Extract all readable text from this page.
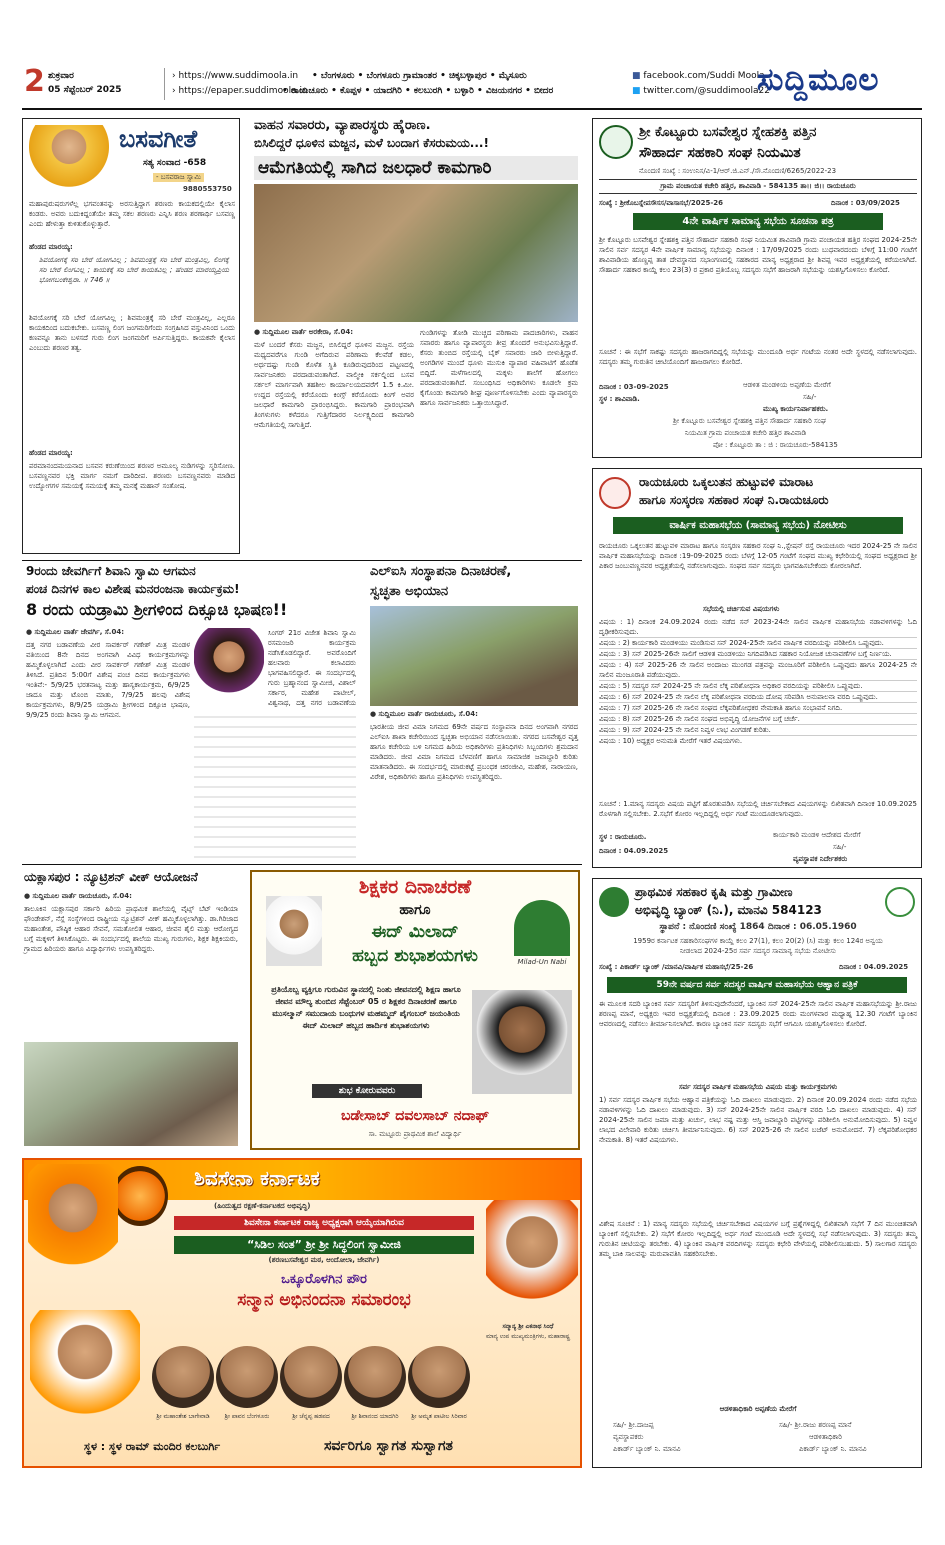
2 ಶುಕ್ರವಾರ
05 ಸೆಪ್ಟೆಂಬರ್ 2025
› https://www.suddimoola.in
› https://epaper.suddimoola.in
• ಬೆಂಗಳೂರು • ಬೆಂಗಳೂರು ಗ್ರಾಮಾಂತರ • ಚಿಕ್ಕಬಳ್ಳಾಪುರ • ಮೈಸೂರು
• ರಾಯಚೂರು • ಕೊಪ್ಪಳ • ಯಾದಗಿರಿ • ಕಲಬುರಗಿ • ಬಳ್ಳಾರಿ • ವಿಜಯನಗರ • ಬೀದರ
■ facebook.com/Suddi Moola
■ twitter.com/@suddimoola22
ಸುದ್ದಿಮೂಲ
ಬಸವಗೀತೆ
ಸತ್ಯ ಸಂವಾದ -658
- ಬಸವರಾಜ ಸ್ವಾಮಿ
9880553750
ಮಹಾಪುರುಷರುಗಳೆಲ್ಲ ಭಗವಂತನನ್ನು ಅರಸುತ್ತಿದ್ದಾಗ ಶರಣರು ಕಾಯಕದಲ್ಲಿಯೇ ಕೈಲಾಸ ಕಂಡರು. ಅವರು ಬದುಕಿದ್ದಂತೆಯೇ ತಮ್ಮ ಸಕಲ ಶರಣರು ಎನ್ನಿಸಿ ಶರಣ ಶರಣಾರ್ಥಿ ಬಸವಣ್ಣ ಎಂದು ಹೇಳುತ್ತಾ ಕುಳಿತುಕೊಳ್ಳುತ್ತಾರೆ.
ಹೆಂಡದ ಮಾರಯ್ಯ:
ಶಿವಯೋಗಕ್ಕೆ ಸರಿ ಬೇರೆ ಯೋಗವಿಲ್ಲ ; ಶಿವಮಂತ್ರಕ್ಕೆ ಸರಿ ಬೇರೆ ಮಂತ್ರವಿಲ್ಲ, ಲಿಂಗಕ್ಕೆ ಸರಿ ಬೇರೆ ಲಿಂಗವಿಲ್ಲ ; ಕಾಯಕಕ್ಕೆ ಸರಿ ಬೇರೆ ಕಾಯಕವಿಲ್ಲ ; ಹೆಂಡದ ಮಾರಯ್ಯಪ್ರಿಯ ಭೋಗಬಂಕೇಶ್ವರಾ. ॥ 746 ॥
ಶಿವಯೋಗಕ್ಕೆ ಸರಿ ಬೇರೆ ಯೋಗವಿಲ್ಲ ; ಶಿವಮಂತ್ರಕ್ಕೆ ಸರಿ ಬೇರೆ ಮಂತ್ರವಿಲ್ಲ, ಎಲ್ಲರೂ ಕಾಯಕದಿಂದ ಬದುಕಬೇಕು. ಬಸವಣ್ಣ ಲಿಂಗ ಜಂಗಮರಿಗೆಂದು ಸಂಗ್ರಹಿಸಿದ ವಸ್ತುವಿನಿಂದ ಒಂದು ಕಣವನ್ನೂ ತಾನು ಬಳಸದೆ ಗುರು ಲಿಂಗ ಜಂಗಮರಿಗೆ ಅರ್ಪಿಸುತ್ತಿದ್ದರು. ಕಾಯಕವೇ ಕೈಲಾಸ ಎಂಬುದು ಶರಣರ ತತ್ವ.
ಹೆಂಡದ ಮಾರಯ್ಯ:
ಪರಮಾನಂದಮಯನಾದ ಬಸವನ ಕರುಣೆಯಿಂದ ಶರಣರ ಅಮೂಲ್ಯ ನುಡಿಗಳನ್ನು ಸ್ಮರಿಸೋಣ. ಬಸವಣ್ಣನವರ ಭಕ್ತಿ ಮಾರ್ಗ ನಮಗೆ ದಾರಿದೀಪ. ಶರಣರು ಬಸವಣ್ಣನವರು ಮಾಡಿದ ಉದ್ಯೋಗಗಳ ಸಮಯಕ್ಕೆ ಸಮಯಕ್ಕೆ ತಮ್ಮ ಮನಕ್ಕೆ ಮಹಾನ್ ಸಂತೋಷ.
ವಾಹನ ಸವಾರರು, ವ್ಯಾಪಾರಸ್ಥರು ಹೈರಾಣ.
ಬಿಸಿಲಿದ್ದರೆ ಧೂಳಿನ ಮಜ್ಜನ, ಮಳೆ ಬಂದಾಗ ಕೆಸರುಮಯ...!
ಆಮೆಗತಿಯಲ್ಲಿ ಸಾಗಿದ ಜಲಧಾರೆ ಕಾಮಗಾರಿ
● ಸುದ್ದಿಮೂಲ ವಾರ್ತೆ ಅರಕೇರಾ, ಸೆ.04:
ಮಳೆ ಬಂದರೆ ಕೆಸರು ಮಜ್ಜನ, ಬಿಸಿಲಿದ್ದರೆ ಧೂಳಿನ ಮಜ್ಜನ. ರಸ್ತೆಯ ಮಧ್ಯದವರೆಗೂ ಗುಂಡಿ ಅಗೆದಿರುವ ಪರಿಣಾಮ ಕೆಲವೆಡೆ ಕಡಲ, ಅರ್ಧದಷ್ಟು ಗುಂಡಿ ಕೊಳೆತ ಸ್ಥಿತಿ ಕೂಡಿರುವುದರಿಂದ ಪಟ್ಟಣದಲ್ಲಿ ಸಾರ್ವಜನಿಕರು ಪರದಾಡುವಂತಾಗಿದೆ. ವಾಲ್ಮೀಕಿ ಸರ್ಕಲ್ನಿಂದ ಬಸವ ಸರ್ಕಲ್ ಮಾರ್ಗವಾಗಿ ತಹಶೀಲ ಕಾರ್ಯಾಲಯದವರೆಗೆ 1.5 ಕಿ.ಮೀ. ಉದ್ದದ ರಸ್ತೆಯಲ್ಲಿ ಕರೆಯೊಂದು ಕಿಂಗ್ಸ್ ಕರೆಯೊಂದು ಕಿಂಗ್ ಅವರ ಜಲಧಾರೆ ಕಾಮಗಾರಿ ಪ್ರಾರಂಭಿಸಿದ್ದರು. ಕಾಮಗಾರಿ ಪ್ರಾರಂಭವಾಗಿ ತಿಂಗಳುಗಳು ಕಳೆದರೂ ಗುತ್ತಿಗೆದಾರರ ನಿರ್ಲಕ್ಷ್ಯದಿಂದ ಕಾಮಗಾರಿ ಆಮೆಗತಿಯಲ್ಲಿ ಸಾಗುತ್ತಿದೆ.
ಗುಂಡಿಗಳನ್ನು ತೋಡಿ ಮುಚ್ಚದ ಪರಿಣಾಮ ಪಾದಚಾರಿಗಳು, ವಾಹನ ಸವಾರರು ಹಾಗೂ ವ್ಯಾಪಾರಸ್ಥರು ತೀವ್ರ ತೊಂದರೆ ಅನುಭವಿಸುತ್ತಿದ್ದಾರೆ. ಕೆಸರು ತುಂಬಿದ ರಸ್ತೆಯಲ್ಲಿ ಬೈಕ್ ಸವಾರರು ಜಾರಿ ಬೀಳುತ್ತಿದ್ದಾರೆ. ಅಂಗಡಿಗಳ ಮುಂದೆ ಧೂಳು ಮುಸುಕಿ ವ್ಯಾಪಾರ ವಹಿವಾಟಿಗೆ ಹೊಡೆತ ಬಿದ್ದಿದೆ. ಮಳೆಗಾಲದಲ್ಲಿ ಮಕ್ಕಳು ಶಾಲೆಗೆ ಹೋಗಲು ಪರದಾಡುವಂತಾಗಿದೆ. ಸಂಬಂಧಿಸಿದ ಅಧಿಕಾರಿಗಳು ಕೂಡಲೇ ಕ್ರಮ ಕೈಗೊಂಡು ಕಾಮಗಾರಿ ಶೀಘ್ರ ಪೂರ್ಣಗೊಳಿಸಬೇಕು ಎಂದು ವ್ಯಾಪಾರಸ್ಥರು ಹಾಗೂ ಸಾರ್ವಜನಿಕರು ಒತ್ತಾಯಿಸಿದ್ದಾರೆ.
ಶ್ರೀ ಕೊಟ್ಟೂರು ಬಸವೇಶ್ವರ ಸ್ನೇಹಶಕ್ತಿ ಪತ್ತಿನ
ಸೌಹಾರ್ದ ಸಹಕಾರಿ ಸಂಘ ನಿಯಮಿತ
ನೊಂದಣಿ ಸಂಖ್ಯೆ : ಸಂಉನಿಸ/ವಿ-1/ಆರ್.ಜಿ.ಎನ್./ಸೌ.ನೊಂದಣಿ/6265/2022-23
ಗ್ರಾಮ ಪಂಚಾಯತ ಕಚೇರಿ ಹತ್ತಿರ, ಶಾವಿವಾಡಿ - 584135 ತಾ।। ಜಿ।। ರಾಯಚೂರು
ಸಂಖ್ಯೆ : ಶ್ರೀಕೊಬಸ್ನೇಪಸೌಸಸ/ವಾಸಾಸಭೆ/2025-26	ದಿನಾಂಕ : 03/09/2025
4ನೇ ವಾರ್ಷಿಕ ಸಾಮಾನ್ಯ ಸಭೆಯ ಸೂಚನಾ ಪತ್ರ
ಶ್ರೀ ಕೊಟ್ಟೂರು ಬಸವೇಶ್ವರ ಸ್ನೇಹಶಕ್ತಿ ಪತ್ತಿನ ಸೌಹಾರ್ದ ಸಹಕಾರಿ ಸಂಘ ನಿಯಮಿತ ಶಾವಿವಾಡಿ ಗ್ರಾಮ ಪಂಚಾಯತ ಹತ್ತಿರ ಸಂಘದ 2024-25ನೇ ಸಾಲಿನ ಸರ್ವ ಸದಸ್ಯರ 4ನೇ ವಾರ್ಷಿಕ ಸಾಮಾನ್ಯ ಸಭೆಯನ್ನು ದಿನಾಂಕ : 17/09/2025 ರಂದು ಬುಧವಾರದಂದು ಬೆಳಿಗ್ಗೆ 11:00 ಗಂಟೆಗೆ ಶಾವಿವಾಡಿಯ ಹೊಣ್ಣಪ್ಪ ತಾತ ದೇವಸ್ಥಾನದ ಸಭಾಂಗಣದಲ್ಲಿ ಸಹಕಾರದ ಮಾನ್ಯ ಅಧ್ಯಕ್ಷರಾದ ಶ್ರೀ ಶಿವಪ್ಪ ಇವರ ಅಧ್ಯಕ್ಷತೆಯಲ್ಲಿ ಕರೆಯಲಾಗಿದೆ. ಸೌಹಾರ್ದ ಸಹಕಾರ ಕಾಯ್ದೆ ಕಲಂ 23(3) ರ ಪ್ರಕಾರ ಪ್ರತಿಯೊಬ್ಬ ಸದಸ್ಯರು ಸಭೆಗೆ ಹಾಜರಾಗಿ ಸಭೆಯನ್ನು ಯಶಸ್ವಿಗೊಳಿಸಲು ಕೋರಿದೆ.
ಸೂಚನೆ : ಈ ಸಭೆಗೆ ಸಾಕಷ್ಟು ಸದಸ್ಯರು ಹಾಜರಾಗದಿದ್ದಲ್ಲಿ ಸಭೆಯನ್ನು ಮುಂದೂಡಿ ಅರ್ಧ ಗಂಟೆಯ ನಂತರ ಅದೇ ಸ್ಥಳದಲ್ಲಿ ನಡೆಸಲಾಗುವುದು. ಸದಸ್ಯರು ತಮ್ಮ ಗುರುತಿನ ಚೀಟಿಯೊಂದಿಗೆ ಹಾಜರಾಗಲು ಕೋರಿದೆ.
ದಿನಾಂಕ : 03-09-2025
ಸ್ಥಳ : ಶಾವಿವಾಡಿ.
ಆಡಳಿತ ಮಂಡಳಿಯ ಅಪ್ಪಣೆಯ ಮೇರೆಗೆ
ಸಹಿ/-
ಮುಖ್ಯ ಕಾರ್ಯನಿರ್ವಾಹಕರು.
ಶ್ರೀ ಕೊಟ್ಟೂರು ಬಸವೇಶ್ವರ ಸ್ನೇಹಶಕ್ತಿ ಪತ್ತಿನ ಸೌಹಾರ್ದ ಸಹಕಾರಿ ಸಂಘ
ನಿಯಮಿತ ಗ್ರಾಮ ಪಂಚಾಯತ ಕಚೇರಿ ಹತ್ತಿರ ಶಾವಿವಾಡಿ
ಪೋ : ಕೊಟ್ಟೂರು ತಾ : ಜಿ : ರಾಯಚೂರು-584135
ರಾಯಚೂರು ಒಕ್ಕಲುತನ ಹುಟ್ಟುವಳಿ ಮಾರಾಟ
ಹಾಗೂ ಸಂಸ್ಕರಣ ಸಹಕಾರ ಸಂಘ ನಿ.ರಾಯಚೂರು
ವಾರ್ಷಿಕ ಮಹಾಸಭೆಯ (ಸಾಮಾನ್ಯ ಸಭೆಯ) ನೋಟೀಸು
ರಾಯಚೂರು ಒಕ್ಕಲುತನ ಹುಟ್ಟುವಳಿ ಮಾರಾಟ ಹಾಗೂ ಸಂಸ್ಕರಣ ಸಹಕಾರ ಸಂಘ ನಿ.,ಸ್ಟೇಷನ್ ರಸ್ತೆ ರಾಯಚೂರು ಇದರ 2024-25 ನೇ ಸಾಲಿನ ವಾರ್ಷಿಕ ಮಹಾಸಭೆಯನ್ನು ದಿನಾಂಕ :19-09-2025 ರಂದು ಬೆಳಗ್ಗೆ 12-05 ಗಂಟೆಗೆ ಸಂಘದ ಮುಖ್ಯ ಕಛೇರಿಯಲ್ಲಿ ಸಂಘದ ಅಧ್ಯಕ್ಷರಾದ ಶ್ರೀ ಪಿಕಾರ ಜಂಬುವಣ್ಣನವರ ಅಧ್ಯಕ್ಷತೆಯಲ್ಲಿ ನಡೆಸಲಾಗುವುದು. ಸಂಘದ ಸರ್ವ ಸದಸ್ಯರು ಭಾಗವಹಿಸಬೇಕೆಂದು ಕೋರಲಾಗಿದೆ.
ಸಭೆಯಲ್ಲಿ ಚರ್ಚಿಸುವ ವಿಷಯಗಳು
ವಿಷಯ : 1) ದಿನಾಂಕ 24.09.2024 ರಂದು ನಡೆದ ಸನ್ 2023-24ನೇ ಸಾಲಿನ ವಾರ್ಷಿಕ ಮಹಾಸಭೆಯ ನಡಾವಳಿಗಳನ್ನು ಓದಿ ದೃಢೀಕರಿಸುವುದು.
ವಿಷಯ : 2) ಕಾರ್ಯಕಾರಿ ಮಂಡಳಿಯು ಮಂಡಿಸುವ ಸನ್ 2024-25ನೇ ಸಾಲಿನ ವಾರ್ಷಿಕ ವರದಿಯನ್ನು ಪರಿಶೀಲಿಸಿ ಒಪ್ಪುವುದು.
ವಿಷಯ : 3) ಸನ್ 2025-26ನೇ ಸಾಲಿಗೆ ಆಡಳಿತ ಮಂಡಳಿಯು ನಿಗದಿಪಡಿಸಿದ ಸಹಕಾರ ನಿಯೋಜಕ ಚುನಾವಣೆಗಳ ಬಗ್ಗೆ ನಿರ್ಣಯ.
ವಿಷಯ : 4) ಸನ್ 2025-26 ನೇ ಸಾಲಿನ ಅಂದಾಜು ಮುಂಗಡ ಪತ್ರವನ್ನು ಮಂಜೂರಿಗೆ ಪರಿಶೀಲಿಸಿ ಒಪ್ಪುವುದು ಹಾಗೂ 2024-25 ನೇ ಸಾಲಿನ ಮಂಜೂರಾತಿ ಪಡೆಯುವುದು.
ವಿಷಯ : 5) ಸದಸ್ಯರ ಸನ್ 2024-25 ನೇ ಸಾಲಿನ ಲೆಕ್ಕ ಪರಿಶೋಧನಾ ಅಧಿಕಾರ ವರದಿಯನ್ನು ಪರಿಶೀಲಿಸಿ ಒಪ್ಪುವುದು.
ವಿಷಯ : 6) ಸನ್ 2024-25 ನೇ ಸಾಲಿನ ಲೆಕ್ಕ ಪರಿಶೋಧನಾ ವರದಿಯ ದೋಷ ಸರಿಪಡಿಸಿ ಅನುಪಾಲನಾ ವರದಿ ಒಪ್ಪುವುದು.
ವಿಷಯ : 7) ಸನ್ 2025-26 ನೇ ಸಾಲಿನ ಸಂಘದ ಲೆಕ್ಕಪರಿಶೋಧಕರ ನೇಮಕಾತಿ ಹಾಗೂ ಸಂಭಾವನೆ ನಿಗದಿ.
ವಿಷಯ : 8) ಸನ್ 2025-26 ನೇ ಸಾಲಿನ ಸಂಘದ ಅಭಿವೃದ್ಧಿ ಯೋಜನೆಗಳ ಬಗ್ಗೆ ಚರ್ಚೆ.
ವಿಷಯ : 9) ಸನ್ 2024-25 ನೇ ಸಾಲಿನ ನಿವ್ವಳ ಲಾಭ ವಿಂಗಡಣೆ ಕುರಿತು.
ವಿಷಯ : 10) ಅಧ್ಯಕ್ಷರ ಅನುಮತಿ ಮೇರೆಗೆ ಇತರೆ ವಿಷಯಗಳು.
ಸೂಚನೆ : 1.ಮಾನ್ಯ ಸದಸ್ಯರು ವಿಷಯ ಪಟ್ಟಿಗೆ ಹೊರತುಪಡಿಸಿ ಸಭೆಯಲ್ಲಿ ಚರ್ಚಿಸಬೇಕಾದ ವಿಷಯಗಳನ್ನು ಲಿಖಿತವಾಗಿ ದಿನಾಂಕ 10.09.2025 ರೊಳಗಾಗಿ ಸಲ್ಲಿಸಬೇಕು. 2.ಸಭೆಗೆ ಕೋರಂ ಇಲ್ಲದಿದ್ದಲ್ಲಿ ಅರ್ಧ ಗಂಟೆ ಮುಂದೂಡಲಾಗುವುದು.
ಸ್ಥಳ : ರಾಯಚೂರು.
ದಿನಾಂಕ : 04.09.2025
ಕಾರ್ಯಕಾರಿ ಮಂಡಳಿ ಆದೇಶದ ಮೇರೆಗೆ
ಸಹಿ/-
ವ್ಯವಸ್ಥಾಪಕ ನಿರ್ದೇಶಕರು
9ರಂದು ಜೇವರ್ಗಿಗೆ ಶಿವಾನಿ ಸ್ವಾಮಿ ಆಗಮನ
ಪಂಚ ದಿನಗಳ ಕಾಲ ವಿಶೇಷ ಮನರಂಜನಾ ಕಾರ್ಯಕ್ರಮ!
8 ರಂದು ಯಡ್ರಾಮಿ ಶ್ರೀಗಳಿಂದ ದಿಕ್ಸೂಚಿ ಭಾಷಣ!!
● ಸುದ್ದಿಮೂಲ ವಾರ್ತೆ ಜೇವರ್ಗಿ, ಸೆ.04:
ದತ್ತ ನಗರ ಬಡಾವಣೆಯ ವೀರ ಸಾವರ್ಕರ್ ಗಣೇಶ್ ಮಿತ್ರ ಮಂಡಳ ವತಿಯಿಂದ 8ನೇ ದಿನದ ಅಂಗವಾಗಿ ವಿವಿಧ ಕಾರ್ಯಕ್ರಮಗಳನ್ನು ಹಮ್ಮಿಕೊಳ್ಳಲಾಗಿದೆ ಎಂದು ವೀರ ಸಾವರ್ಕರ್ ಗಣೇಶ್ ಮಿತ್ರ ಮಂಡಳ ತಿಳಿಸಿದೆ. ಪ್ರತಿದಿನ 5:00ಗೆ ವಿಶೇಷ ಪಂಚ ದಿನದ ಕಾರ್ಯಕ್ರಮಗಳು ಇಂತಿವೆ:- 5/9/25 ಭರತನಾಟ್ಯ ಮತ್ತು ಹಾಸ್ಯಕಾರ್ಯಕ್ರಮ, 6/9/25 ಜಾದೂ ಮತ್ತು ಟೊಂಬಿ ಮಾತು, 7/9/25 ಹಲವು ವಿಶೇಷ ಕಾರ್ಯಕ್ರಮಗಳು, 8/9/25 ಯಡ್ರಾಮಿ ಶ್ರೀಗಳಿಂದ ದಿಕ್ಸೂಚಿ ಭಾಷಣ, 9/9/25 ರಂದು ಶಿವಾನಿ ಸ್ವಾಮಿ ಆಗಮನ.
ಸಿಂಗರ್ 21ರ ವಿಜೇತ ಶಿವಾನಿ ಸ್ವಾಮಿ ರಸಮಂಜರಿ ಕಾರ್ಯಕ್ರಮ ನಡೆಸಿಕೊಡಲಿದ್ದಾರೆ. ಅವರೊಂದಿಗೆ ಹಲವಾರು ಕಲಾವಿದರು ಭಾಗವಹಿಸಲಿದ್ದಾರೆ. ಈ ಸಂದರ್ಭದಲ್ಲಿ ಗುರು ಬ್ರಹ್ಮಾನಂದ ಸ್ವಾಮೀಜಿ, ವಿಶಾಲ್ ಸರ್ಕಾರ, ಮಹೇಶ ಪಾಟೀಲ್, ವಿಶ್ವನಾಥ, ದತ್ತ ನಗರ ಬಡಾವಣೆಯ
ಎಲ್ಐಸಿ ಸಂಸ್ಥಾಪನಾ ದಿನಾಚರಣೆ,
ಸ್ವಚ್ಛತಾ ಅಭಿಯಾನ
● ಸುದ್ದಿಮೂಲ ವಾರ್ತೆ ರಾಯಚೂರು, ಸೆ.04:
ಭಾರತೀಯ ಜೀವ ವಿಮಾ ನಿಗಮದ 69ನೇ ವರ್ಷದ ಸಂಸ್ಥಾಪನಾ ದಿನದ ಅಂಗವಾಗಿ ನಗರದ ಎಲ್ಐಸಿ ಶಾಖಾ ಕಚೇರಿಯಿಂದ ಸ್ವಚ್ಛತಾ ಅಭಿಯಾನ ನಡೆಸಲಾಯಿತು. ನಗರದ ಬಸವೇಶ್ವರ ವೃತ್ತ ಹಾಗೂ ಕಚೇರಿಯ ಬಳಿ ನಿಗಮದ ಹಿರಿಯ ಅಧಿಕಾರಿಗಳು ಪ್ರತಿನಿಧಿಗಳು ಸಿಬ್ಬಂದಿಗಳು ಶ್ರಮದಾನ ಮಾಡಿದರು. ಜೀವ ವಿಮಾ ನಿಗಮದ ಬೆಳವಣಿಗೆ ಹಾಗೂ ಸಾಮಾಜಿಕ ಜವಾಬ್ದಾರಿ ಕುರಿತು ಮಾತನಾಡಿದರು. ಈ ಸಂದರ್ಭದಲ್ಲಿ ಮಾರುಕಟ್ಟೆ ಪ್ರಬಂಧಕ ಚಿರಂಜೀವಿ, ಮಹೇಶ, ನಾರಾಯಣ, ವಿರೇಶ, ಅಧಿಕಾರಿಗಳು ಹಾಗೂ ಪ್ರತಿನಿಧಿಗಳು ಉಪಸ್ಥಿತರಿದ್ದರು.
ಯಕ್ಲಾಸಪುರ : ನ್ಯೂಟ್ರಿಶನ್ ವೀಕ್ ಆಯೋಜನೆ
● ಸುದ್ದಿಮೂಲ ವಾರ್ತೆ ರಾಯಚೂರು, ಸೆ.04:
ತಾಲೂಕಿನ ಯಕ್ಲಾಸಪುರ ಸರ್ಕಾರಿ ಹಿರಿಯ ಪ್ರಾಥಮಿಕ ಶಾಲೆಯಲ್ಲಿ ವೈಟ್ಸ್ ಬೆಟ್ ಇಂಡಿಯಾ ಫೌಂಡೇಶನ್, ನೆಸ್ಲೆ ಸಂಸ್ಥೆಗಳಿಂದ ರಾಷ್ಟ್ರೀಯ ನ್ಯೂಟ್ರಿಶನ್ ವೀಕ್ ಹಮ್ಮಿಕೊಳ್ಳಲಾಗಿತ್ತು. ಡಾ.ಗಿರಿಜಾದ ಮಹಾಂತೇಶ, ಪೌಷ್ಠಿಕ ಆಹಾರ ಸೇವನೆ, ಸಮತೋಲಿತ ಆಹಾರ, ಜೀವನ ಶೈಲಿ ಮತ್ತು ಆರೋಗ್ಯದ ಬಗ್ಗೆ ಮಕ್ಕಳಿಗೆ ತಿಳಿಸಿಕೊಟ್ಟರು. ಈ ಸಂದರ್ಭದಲ್ಲಿ ಶಾಲೆಯ ಮುಖ್ಯ ಗುರುಗಳು, ಶಿಕ್ಷಕ ಶಿಕ್ಷಕಿಯರು, ಗ್ರಾಮದ ಹಿರಿಯರು ಹಾಗೂ ವಿದ್ಯಾರ್ಥಿಗಳು ಉಪಸ್ಥಿತರಿದ್ದರು.
ಶಿಕ್ಷಕರ ದಿನಾಚರಣೆ
ಹಾಗೂ
ಈದ್ ಮಿಲಾದ್
ಹಬ್ಬದ ಶುಭಾಶಯಗಳು	Milad-Un Nabi
ಪ್ರತಿಯೊಬ್ಬ ವ್ಯಕ್ತಿಗೂ ಗುರುವಿನ ಸ್ಥಾನದಲ್ಲಿ ನಿಂತು ಜೀವನದಲ್ಲಿ ಶಿಕ್ಷಣ ಹಾಗೂ ಜೀವನ ಮೌಲ್ಯ ತುಂಬಿದ ಸೆಪ್ಟೆಂಬರ್ 05 ರ ಶಿಕ್ಷಕರ ದಿನಾಚರಣೆ ಹಾಗೂ ಮುಸಲ್ಮಾನ್ ಸಮುದಾಯ ಬಂಧುಗಳ ಮಹಮ್ಮದ್ ಪೈಗಂಬರ್ ಜಯಂತಿಯ ಈದ್ ಮಿಲಾದ್ ಹಬ್ಬದ ಹಾರ್ದಿಕ ಶುಭಾಶಯಗಳು
ಶುಭ ಕೋರುವವರು
ಬಡೇಸಾಬ್ ದವಲಸಾಬ್ ನದಾಫ್
ಸಾ. ಮಟ್ಟೂರು ಪ್ರಾಥಮಿಕ ಶಾಲೆ ವಿದ್ಯಾರ್ಥಿ
ಪ್ರಾಥಮಿಕ ಸಹಕಾರ ಕೃಷಿ ಮತ್ತು ಗ್ರಾಮೀಣ
ಅಭಿವೃದ್ಧಿ ಬ್ಯಾಂಕ್ (ನಿ.), ಮಾನವಿ 584123
ಸ್ಥಾಪನೆ : ನೊಂದಣಿ ಸಂಖ್ಯೆ 1864 ದಿನಾಂಕ : 06.05.1960
1959ರ ಕರ್ನಾಟಕ ಸಹಕಾರಿಸಂಘಗಳ ಕಾಯ್ದೆ ಕಲಂ 27(1), ಕಲಂ 20(2) (ಸಿ) ಮತ್ತು ಕಲಂ 124ರ ಅನ್ವಯ
ನೀಡಲಾದ 2024-25ರ ಸರ್ವ ಸದಸ್ಯರ ಸಾಮಾನ್ಯ ಸಭೆಯ ನೋಟೀಸು
ಸಂಖ್ಯೆ : ಪಿಕಾರ್ಡ್ ಬ್ಯಾಂಕ್ /ಮಾನವಿ/ವಾರ್ಷಿಕ ಮಹಾಸಭೆ/25-26	ದಿನಾಂಕ : 04.09.2025
59ನೇ ವರ್ಷದ ಸರ್ವ ಸದಸ್ಯರ ವಾರ್ಷಿಕ ಮಹಾಸಭೆಯ ಆಹ್ವಾನ ಪತ್ರಿಕೆ
ಈ ಮೂಲಕ ಸದರಿ ಬ್ಯಾಂಕಿನ ಸರ್ವ ಸದಸ್ಯರಿಗೆ ತಿಳಿಸುವುದೇನೆಂದರೆ, ಬ್ಯಾಂಕಿನ ಸನ್ 2024-25ನೇ ಸಾಲಿನ ವಾರ್ಷಿಕ ಮಹಾಸಭೆಯನ್ನು ಶ್ರೀ.ರಾಜು ಶರಣಪ್ಪ ಮಾನೆ, ಅಧ್ಯಕ್ಷರು ಇವರ ಅಧ್ಯಕ್ಷತೆಯಲ್ಲಿ ದಿನಾಂಕ : 23.09.2025 ರಂದು ಮಂಗಳವಾರ ಮಧ್ಯಾಹ್ನ 12.30 ಗಂಟೆಗೆ ಬ್ಯಾಂಕಿನ ಆವರಣದಲ್ಲಿ ನಡೆಸಲು ತೀರ್ಮಾನಿಸಲಾಗಿದೆ. ಕಾರಣ ಬ್ಯಾಂಕಿನ ಸರ್ವ ಸದಸ್ಯರು ಸಭೆಗೆ ಆಗಮಿಸಿ ಯಶಸ್ವಿಗೊಳಿಸಲು ಕೋರಿದೆ.
ಸರ್ವ ಸದಸ್ಯರ ವಾರ್ಷಿಕ ಮಹಾಸಭೆಯ ವಿಷಯ ಮತ್ತು ಕಾರ್ಯಕ್ರಮಗಳು
1) ಸರ್ವ ಸದಸ್ಯರ ವಾರ್ಷಿಕ ಸಭೆಯ ಆಹ್ವಾನ ಪತ್ರಿಕೆಯನ್ನು ಓದಿ ದಾಖಲು ಮಾಡುವುದು. 2) ದಿನಾಂಕ 20.09.2024 ರಂದು ನಡೆದ ಸಭೆಯ ನಡಾವಳಿಗಳನ್ನು ಓದಿ ದಾಖಲು ಮಾಡುವುದು. 3) ಸನ್ 2024-25ನೇ ಸಾಲಿನ ವಾರ್ಷಿಕ ವರದಿ ಓದಿ ದಾಖಲು ಮಾಡುವುದು. 4) ಸನ್ 2024-25ನೇ ಸಾಲಿನ ಜಮಾ ಮತ್ತು ಖರ್ಚು, ಲಾಭ ನಷ್ಟ ಮತ್ತು ಆಸ್ತಿ ಜವಾಬ್ದಾರಿ ಪಟ್ಟಿಗಳನ್ನು ಪರಿಶೀಲಿಸಿ ಅನುಮೋದಿಸುವುದು. 5) ನಿವ್ವಳ ಲಾಭದ ವಿಲೇವಾರಿ ಕುರಿತು ಚರ್ಚಿಸಿ ತೀರ್ಮಾನಿಸುವುದು. 6) ಸನ್ 2025-26 ನೇ ಸಾಲಿನ ಬಜೆಟ್ ಅನುಮೋದನೆ. 7) ಲೆಕ್ಕಪರಿಶೋಧಕರ ನೇಮಕಾತಿ. 8) ಇತರೆ ವಿಷಯಗಳು.
ವಿಶೇಷ ಸೂಚನೆ : 1) ಮಾನ್ಯ ಸದಸ್ಯರು ಸಭೆಯಲ್ಲಿ ಚರ್ಚಿಸಬೇಕಾದ ವಿಷಯಗಳ ಬಗ್ಗೆ ಪ್ರಶ್ನೆಗಳಿದ್ದಲ್ಲಿ ಲಿಖಿತವಾಗಿ ಸಭೆಗೆ 7 ದಿನ ಮುಂಚಿತವಾಗಿ ಬ್ಯಾಂಕಿಗೆ ಸಲ್ಲಿಸಬೇಕು. 2) ಸಭೆಗೆ ಕೋರಂ ಇಲ್ಲದಿದ್ದಲ್ಲಿ ಅರ್ಧ ಗಂಟೆ ಮುಂದೂಡಿ ಅದೇ ಸ್ಥಳದಲ್ಲಿ ಸಭೆ ನಡೆಸಲಾಗುವುದು. 3) ಸದಸ್ಯರು ತಮ್ಮ ಗುರುತಿನ ಚೀಟಿಯನ್ನು ತರಬೇಕು. 4) ಬ್ಯಾಂಕಿನ ವಾರ್ಷಿಕ ವರದಿಗಳನ್ನು ಸದಸ್ಯರು ಕಛೇರಿ ವೇಳೆಯಲ್ಲಿ ಪರಿಶೀಲಿಸಬಹುದು. 5) ಸಾಲಗಾರ ಸದಸ್ಯರು ತಮ್ಮ ಬಾಕಿ ಸಾಲವನ್ನು ಮರುಪಾವತಿಸಿ ಸಹಕರಿಸಬೇಕು.
ಆಡಳಿತಾಧಿಕಾರಿ ಅಪ್ಪಣೆಯ ಮೇರೆಗೆ
ಸಹಿ/- ಶ್ರೀ.ದಾಜಪ್ಪ
ವ್ಯವಸ್ಥಾಪಕರು
ಪಿಕಾರ್ಡ್ ಬ್ಯಾಂಕ್ ನಿ. ಮಾನವಿ
ಸಹಿ/- ಶ್ರೀ.ರಾಜು ಶರಣಪ್ಪ ಮಾನೆ
ಆಡಳಿತಾಧಿಕಾರಿ
ಪಿಕಾರ್ಡ್ ಬ್ಯಾಂಕ್ ನಿ. ಮಾನವಿ
ಶಿವಸೇನಾ ಕರ್ನಾಟಕ
(ಹಿಂದುತ್ವದ ರಕ್ಷಣೆ-ಕರ್ನಾಟಕದ ಅಭಿವೃದ್ಧಿ)
ಶಿವಸೇನಾ ಕರ್ನಾಟಕ ರಾಜ್ಯ ಅಧ್ಯಕ್ಷರಾಗಿ ಆಯ್ಕೆಯಾಗಿರುವ
“ಸಿಡಿಲ ಸಂತ” ಶ್ರೀ ಶ್ರೀ ಸಿದ್ಧಲಿಂಗ ಸ್ವಾಮೀಜಿ
(ಶರಣಬಸವೇಶ್ವರ ಮಠ, ಆಂದೋಲಾ, ಜೇವರ್ಗಿ)
ಒಕ್ಕೂರೊಳಗಿನ ಪೌರ
ಸನ್ಮಾನ ಅಭಿನಂದನಾ ಸಮಾರಂಭ
ಸನ್ಮಾನ್ಯ ಶ್ರೀ ಎಕನಾಥ ಸಿಂಧೆ
ಮಾನ್ಯ ಉಪ ಮುಖ್ಯಮಂತ್ರಿಗಳು, ಮಹಾರಾಷ್ಟ್ರ
ಶ್ರೀ ಮಹಾಂತೇಶ ಬಾಗೇವಾಡಿ	ಶ್ರೀ ಪಾವನ ಬೆಂಗಳೂರು	ಶ್ರೀ ಚೆನ್ನಪ್ಪ ಹಡಪದ	ಶ್ರೀ ಶಿವಾನಂದ ಯಾದಗಿರಿ	ಶ್ರೀ ಅಮೃತ ಪಾಟೀಲ ಸಿರಿವಾರ
ಸ್ಥಳ : ಸ್ಥಳ ರಾಮ್ ಮಂದಿರ ಕಲಬುರ್ಗಿ	ಸರ್ವರಿಗೂ ಸ್ವಾಗತ ಸುಸ್ವಾಗತ
